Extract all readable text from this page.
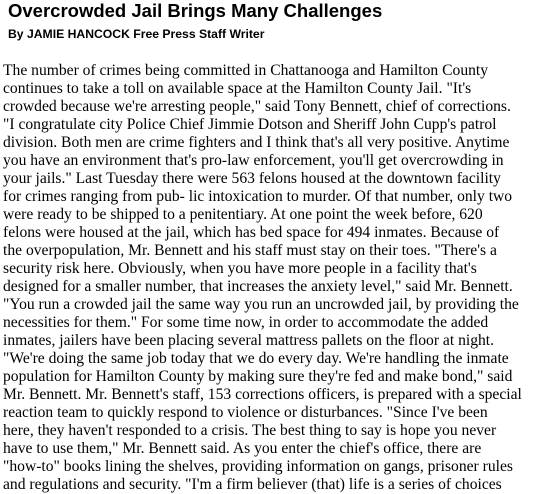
Overcrowded Jail Brings Many Challenges
By JAMIE HANCOCK Free Press Staff Writer
The number of crimes being committed in Chattanooga and Hamilton County
continues to take a toll on available space at the Hamilton County Jail. "It's
crowded because we're arresting people," said Tony Bennett, chief of corrections.
"I congratulate city Police Chief Jimmie Dotson and Sheriff John Cupp's patrol
division. Both men are crime fighters and I think that's all very positive. Anytime
you have an environment that's pro-law enforcement, you'll get overcrowding in
your jails." Last Tuesday there were 563 felons housed at the downtown facility
for crimes ranging from pub- lic intoxication to murder. Of that number, only two
were ready to be shipped to a penitentiary. At one point the week before, 620
felons were housed at the jail, which has bed space for 494 inmates. Because of
the overpopulation, Mr. Bennett and his staff must stay on their toes. "There's a
security risk here. Obviously, when you have more people in a facility that's
designed for a smaller number, that increases the anxiety level," said Mr. Bennett.
"You run a crowded jail the same way you run an uncrowded jail, by providing the
necessities for them." For some time now, in order to accommodate the added
inmates, jailers have been placing several mattress pallets on the floor at night.
"We're doing the same job today that we do every day. We're handling the inmate
population for Hamilton County by making sure they're fed and make bond," said
Mr. Bennett. Mr. Bennett's staff, 153 corrections officers, is prepared with a special
reaction team to quickly respond to violence or disturbances. "Since I've been
here, they haven't responded to a crisis. The best thing to say is hope you never
have to use them," Mr. Bennett said. As you enter the chief's office, there are
"how-to" books lining the shelves, providing information on gangs, prisoner rules
and regulations and security. "I'm a firm believer (that) life is a series of choices
